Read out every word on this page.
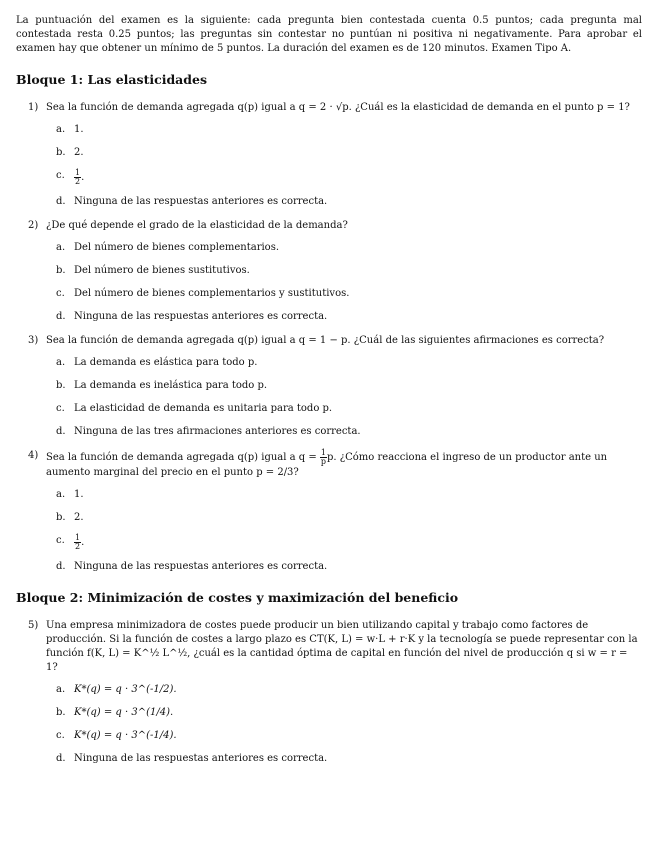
La puntuación del examen es la siguiente: cada pregunta bien contestada cuenta 0.5 puntos; cada pregunta mal contestada resta 0.25 puntos; las preguntas sin contestar no puntúan ni positiva ni negativamente. Para aprobar el examen hay que obtener un mínimo de 5 puntos. La duración del examen es de 120 minutos. Examen Tipo A.

Bloque 1: Las elasticidades
1) Sea la función de demanda agregada q(p) igual a q = 2 · √p. ¿Cuál es la elasticidad de demanda en el punto p = 1?
a. 1.
b. 2.
c. $\frac{1}{2}$ .
d. Ninguna de las respuestas anteriores es correcta.
2) ¿De qué depende el grado de la elasticidad de la demanda?
a. Del número de bienes complementarios.
b. Del número de bienes sustitutivos.
c. Del número de bienes complementarios y sustitutivos.
d. Ninguna de las respuestas anteriores es correcta.
3) Sea la función de demanda agregada q(p) igual a q = 1 − p. ¿Cuál de las siguientes afirmaciones es correcta?
a. La demanda es elástica para todo p.
b. La demanda es inelástica para todo p.
c. La elasticidad de demanda es unitaria para todo p.
d. Ninguna de las tres afirmaciones anteriores es correcta.
4) Sea la función de demanda agregada q(p) igual a $q = \frac{1}{p} p$. ¿Cómo reacciona el ingreso de un productor ante un aumento marginal del precio en el punto p = 2/3?
a. 1.
b. 2.
c. $\frac{1}{2}$ .
d. Ninguna de las respuestas anteriores es correcta.
Bloque 2: Minimización de costes y maximización del beneficio
5) Una empresa minimizadora de costes puede producir un bien utilizando capital y trabajo como factores de producción. Si la función de costes a largo plazo es CT(K, L) = w·L + r·K y la tecnología se puede representar con la función f(K, L) = K^½ L^½, ¿cuál es la cantidad óptima de capital en función del nivel de producción q si w = r = 1?
a. K*(q) = q · 3^(-1/2).
b. K*(q) = q · 3^(1/4).
c. K*(q) = q · 3^(-1/4).
d. Ninguna de las respuestas anteriores es correcta.
